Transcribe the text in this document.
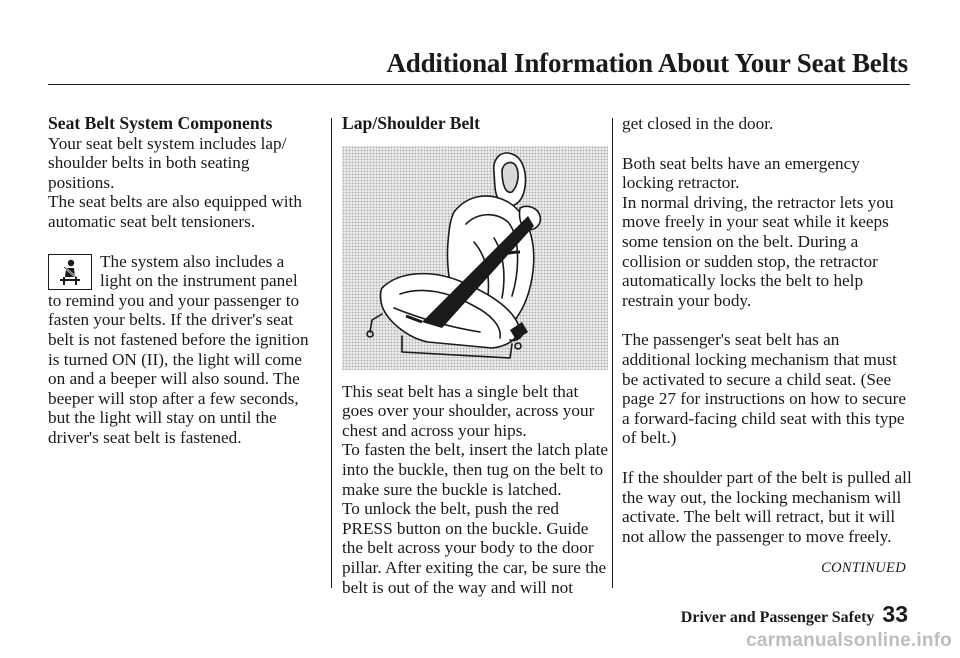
Additional Information About Your Seat Belts
Seat Belt System Components

Your seat belt system includes lap/ shoulder belts in both seating positions.

The seat belts are also equipped with automatic seat belt tensioners.

The system also includes a light on the instrument panel to remind you and your passenger to fasten your belts. If the driver's seat belt is not fastened before the ignition is turned ON (II), the light will come on and a beeper will also sound. The beeper will stop after a few seconds, but the light will stay on until the driver's seat belt is fastened.

Lap/Shoulder Belt

This seat belt has a single belt that goes over your shoulder, across your chest and across your hips.

To fasten the belt, insert the latch plate into the buckle, then tug on the belt to make sure the buckle is latched.

To unlock the belt, push the red PRESS button on the buckle. Guide the belt across your body to the door pillar. After exiting the car, be sure the belt is out of the way and will not

get closed in the door.

Both seat belts have an emergency locking retractor.

In normal driving, the retractor lets you move freely in your seat while it keeps some tension on the belt. During a collision or sudden stop, the retractor automatically locks the belt to help restrain your body.

The passenger's seat belt has an additional locking mechanism that must be activated to secure a child seat. (See page 27 for instructions on how to secure a forward-facing child seat with this type of belt.)

If the shoulder part of the belt is pulled all the way out, the locking mechanism will activate. The belt will retract, but it will not allow the passenger to move freely.

CONTINUED
Driver and Passenger Safety 33
carmanualsonline.info
